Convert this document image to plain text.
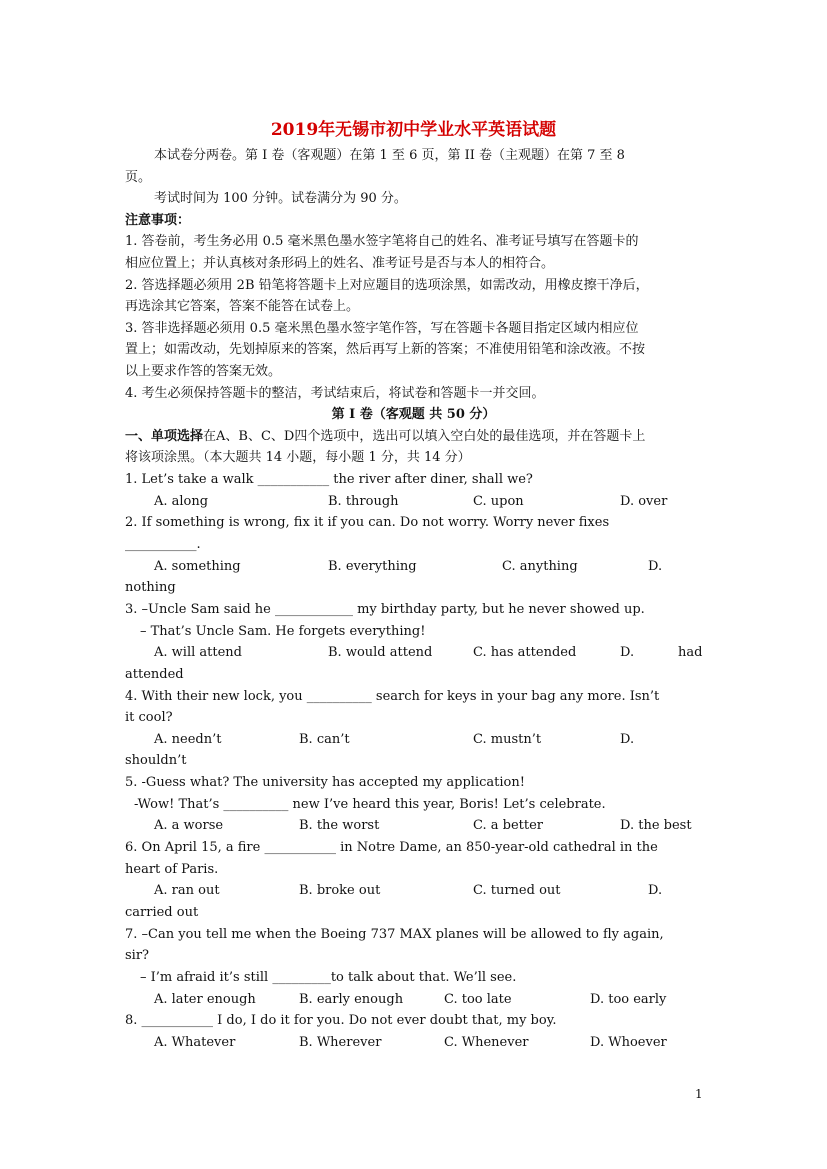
2019年无锡市初中学业水平英语试题
本试卷分两卷。第 I 卷（客观题）在第 1 至 6 页，第 II 卷（主观题）在第 7 至 8
页。
考试时间为 100 分钟。试卷满分为 90 分。
注意事项：
1. 答卷前，考生务必用 0.5 毫米黑色墨水签字笔将自己的姓名、准考证号填写在答题卡的
相应位置上；并认真核对条形码上的姓名、准考证号是否与本人的相符合。
2. 答选择题必须用 2B 铅笔将答题卡上对应题目的选项涂黑，如需改动，用橡皮擦干净后，
再选涂其它答案，答案不能答在试卷上。
3. 答非选择题必须用 0.5 毫米黑色墨水签字笔作答，写在答题卡各题目指定区域内相应位
置上；如需改动，先划掉原来的答案，然后再写上新的答案；不准使用铅笔和涂改液。不按
以上要求作答的答案无效。
4. 考生必须保持答题卡的整洁，考试结束后，将试卷和答题卡一并交回。
第 I 卷（客观题 共 50 分）
一、单项选择在A、B、C、D四个选项中，选出可以填入空白处的最佳选项，并在答题卡上
将该项涂黑。（本大题共 14 小题，每小题 1 分，共 14 分）
1. Let’s take a walk ___________ the river after diner, shall we?
A. along	B. through	C. upon	D. over
2. If something is wrong, fix it if you can. Do not worry. Worry never fixes
___________.
A. something	B. everything	C. anything	D.
nothing
3. –Uncle Sam said he ____________ my birthday party, but he never showed up.
– That’s Uncle Sam. He forgets everything!
A. will attend	B. would attend	C. has attended	D.	had
attended
4. With their new lock, you __________ search for keys in your bag any more. Isn’t
it cool?
A. needn’t	B. can’t	C. mustn’t	D.
shouldn’t
5. -Guess what? The university has accepted my application!
-Wow! That’s __________ new I’ve heard this year, Boris! Let’s celebrate.
A. a worse	B. the worst	C. a better	D. the best
6. On April 15, a fire ___________ in Notre Dame, an 850-year-old cathedral in the
heart of Paris.
A. ran out	B. broke out	C. turned out	D.
carried out
7. –Can you tell me when the Boeing 737 MAX planes will be allowed to fly again,
sir?
– I’m afraid it’s still _________to talk about that. We’ll see.
A. later enough	B. early enough	C. too late	D. too early
8. ___________ I do, I do it for you. Do not ever doubt that, my boy.
A. Whatever	B. Wherever	C. Whenever	D. Whoever
1
